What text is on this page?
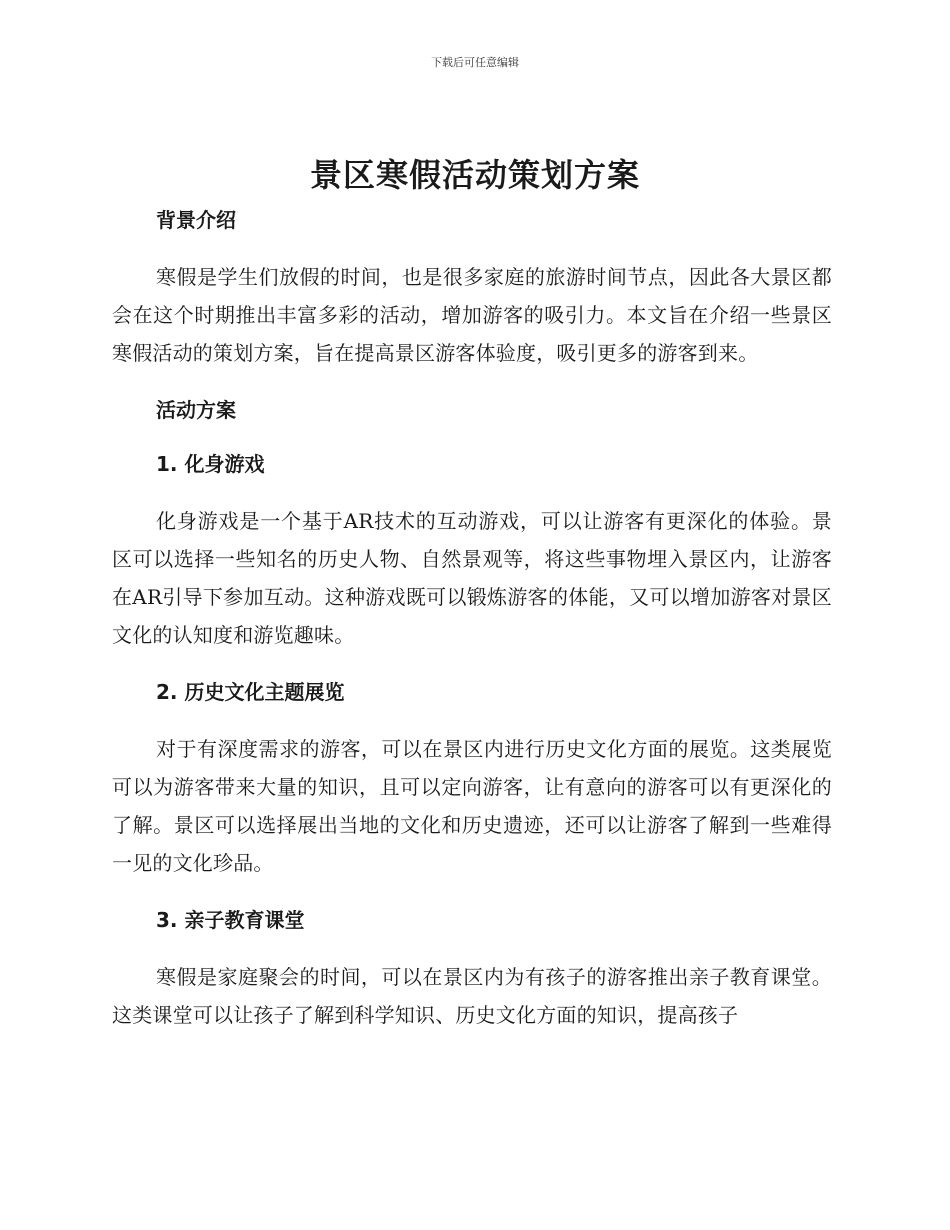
下载后可任意编辑
景区寒假活动策划方案

背景介绍

寒假是学生们放假的时间，也是很多家庭的旅游时间节点，因此各大景区都会在这个时期推出丰富多彩的活动，增加游客的吸引力。本文旨在介绍一些景区寒假活动的策划方案，旨在提高景区游客体验度，吸引更多的游客到来。

活动方案

1. 化身游戏

化身游戏是一个基于AR技术的互动游戏，可以让游客有更深化的体验。景区可以选择一些知名的历史人物、自然景观等，将这些事物埋入景区内，让游客在AR引导下参加互动。这种游戏既可以锻炼游客的体能，又可以增加游客对景区文化的认知度和游览趣味。

2. 历史文化主题展览

对于有深度需求的游客，可以在景区内进行历史文化方面的展览。这类展览可以为游客带来大量的知识，且可以定向游客，让有意向的游客可以有更深化的了解。景区可以选择展出当地的文化和历史遗迹，还可以让游客了解到一些难得一见的文化珍品。

3. 亲子教育课堂

寒假是家庭聚会的时间，可以在景区内为有孩子的游客推出亲子教育课堂。这类课堂可以让孩子了解到科学知识、历史文化方面的知识，提高孩子
